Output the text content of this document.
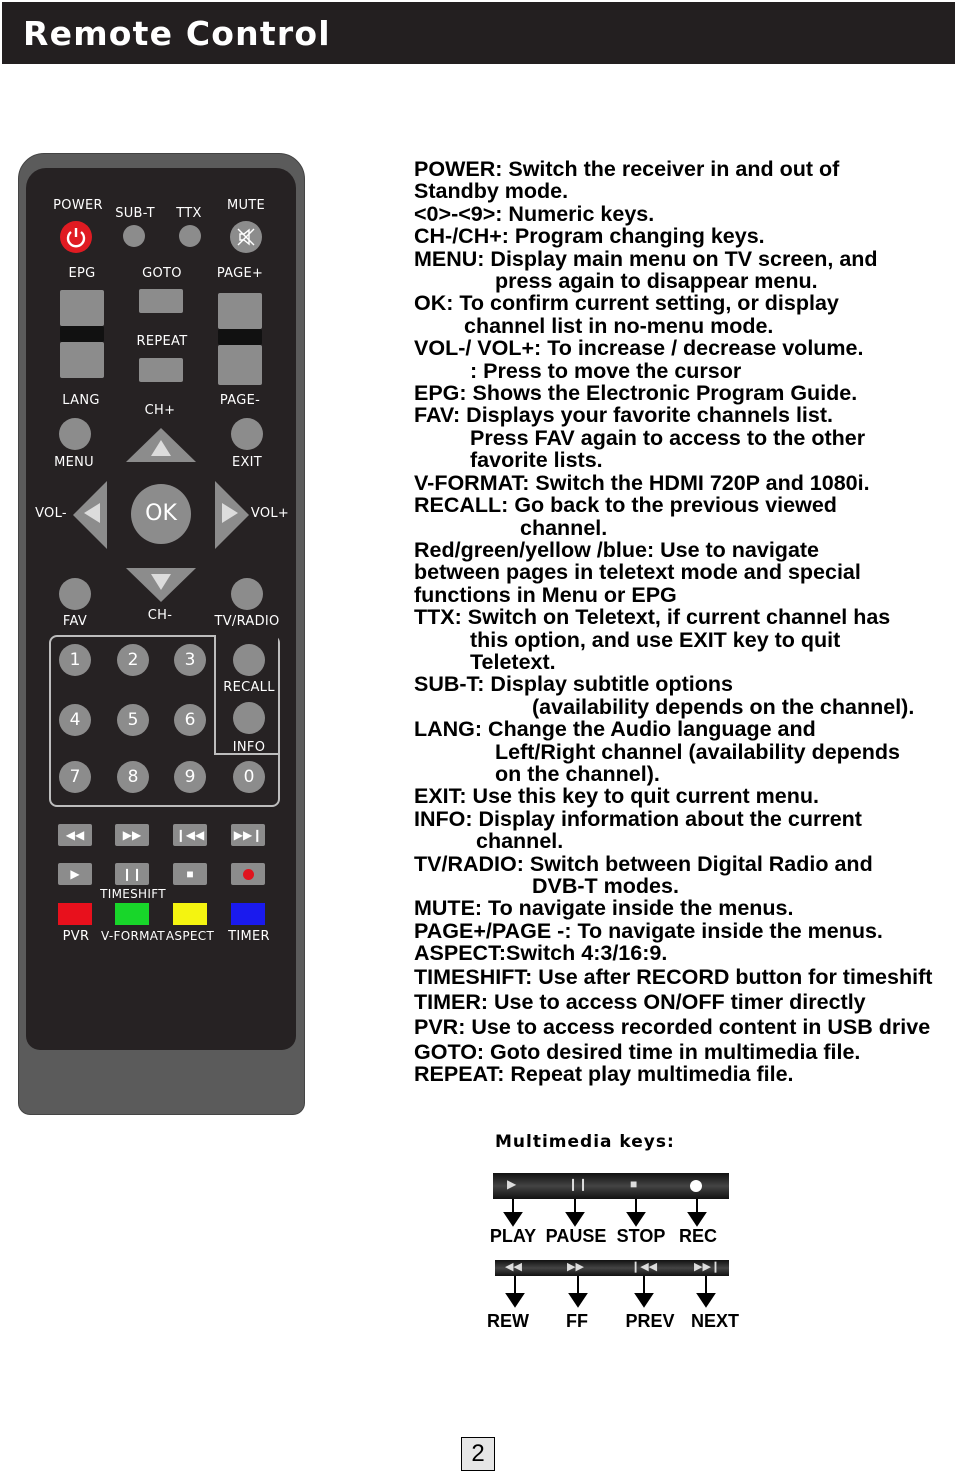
Remote Control
POWER
SUB-T TTX
MUTE
EPG	GOTO	PAGE+
REPEAT
LANG
CH+
PAGE-
MENU	EXIT
OK
VOL-	VOL+
FAV	CH-	TV/RADIO
1	2	3
RECALL
4	5	6
INFO
7	8	9	0
◀◀	▶▶	❙◀◀ ▶▶❙
▶	❙❙	■
TIMESHIFT
PVR V-FORMAT ASPECT TIMER
POWER: Switch the receiver in and out of
Standby mode.
<0>-<9>: Numeric keys.
CH-/CH+: Program changing keys.
MENU: Display main menu on TV screen, and
press again to disappear menu.
OK: To confirm current setting, or display
channel list in no-menu mode.
VOL-/ VOL+: To increase / decrease volume.
: Press to move the cursor
EPG: Shows the Electronic Program Guide.
FAV: Displays your favorite channels list.
Press FAV again to access to the other
favorite lists.
V-FORMAT: Switch the HDMI 720P and 1080i.
RECALL: Go back to the previous viewed
channel.
Red/green/yellow /blue: Use to navigate
between pages in teletext mode and special
functions in Menu or EPG
TTX: Switch on Teletext, if current channel has
this option, and use EXIT key to quit
Teletext.
SUB-T: Display subtitle options
(availability depends on the channel).
LANG: Change the Audio language and
Left/Right channel (availability depends
on the channel).
EXIT: Use this key to quit current menu.
INFO: Display information about the current
channel.
TV/RADIO: Switch between Digital Radio and
DVB-T modes.
MUTE: To navigate inside the menus.
PAGE+/PAGE -: To navigate inside the menus.
ASPECT:Switch 4:3/16:9.
TIMESHIFT: Use after RECORD button for timeshift
TIMER: Use to access ON/OFF timer directly
PVR: Use to access recorded content in USB drive
GOTO: Goto desired time in multimedia file.
REPEAT: Repeat play multimedia file.
Multimedia keys:
▶	❙❙	■
PLAY PAUSE STOP REC
◀◀	▶▶	❙◀◀	▶▶❙
REW FF PREV NEXT
2
